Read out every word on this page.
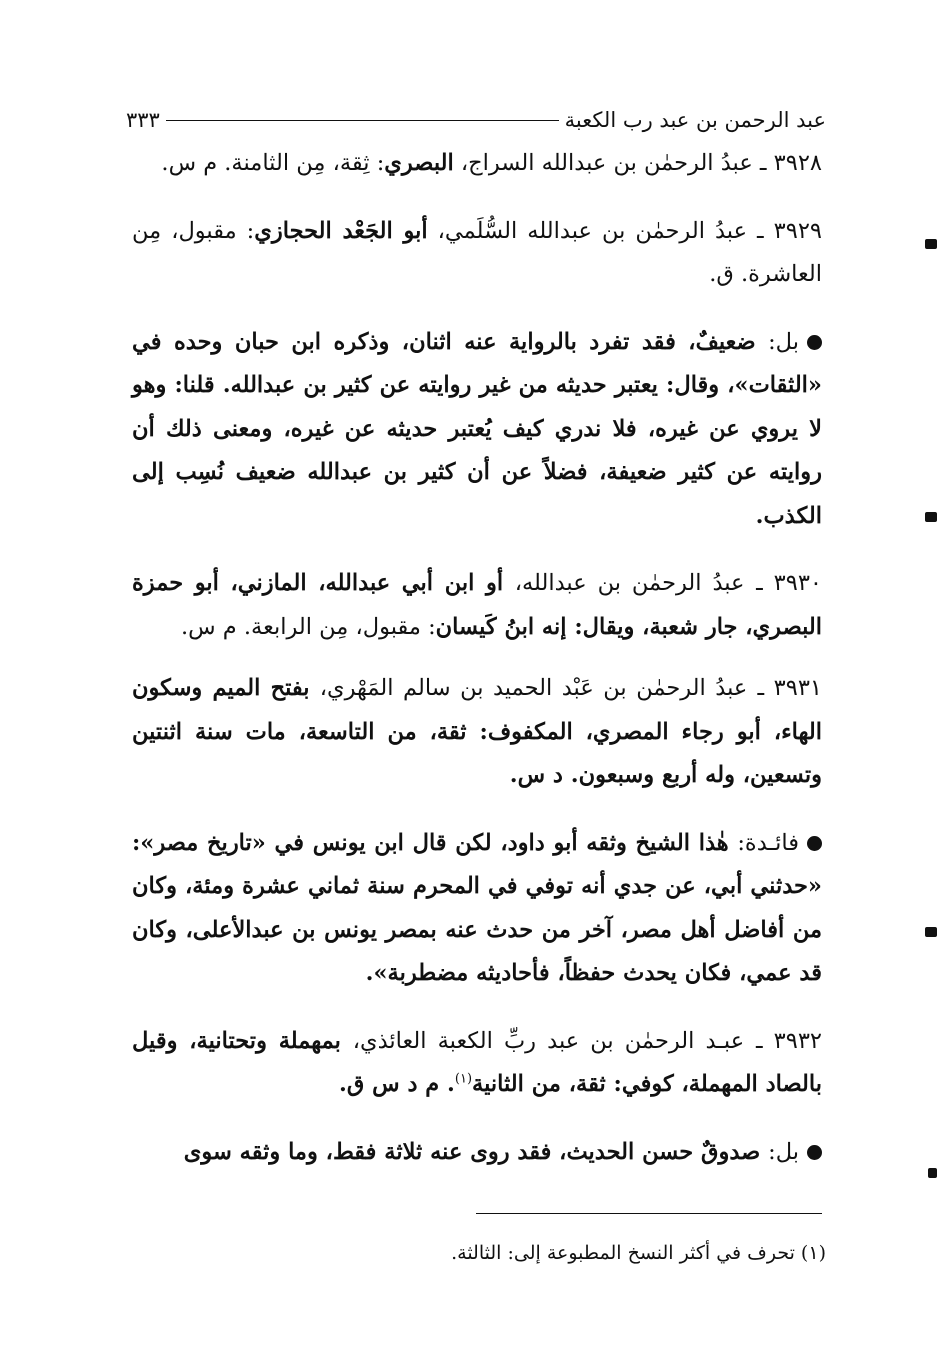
عبد الرحمن بن عبد رب الكعبة
٣٣٣

٣٩٢٨ ـ عبدُ الرحمٰن بن عبدالله السراج، البصري: ثِقة، مِن الثامنة. م س.

٣٩٢٩ ـ عبدُ الرحمٰن بن عبدالله السُّلَمي، أبو الجَعْد الحجازي: مقبول، مِن العاشرة. ق.

بل: ضعيفٌ، فقد تفرد بالرواية عنه اثنان، وذكره ابن حبان وحده في «الثقات»، وقال: يعتبر حديثه من غير روايته عن كثير بن عبدالله. قلنا: وهو لا يروي عن غيره، فلا ندري كيف يُعتبر حديثه عن غيره، ومعنى ذلك أن روايته عن كثير ضعيفة، فضلاً عن أن كثير بن عبدالله ضعيف نُسِب إلى الكذب.

٣٩٣٠ ـ عبدُ الرحمٰن بن عبدالله، أو ابن أبي عبدالله، المازني، أبو حمزة البصري، جار شعبة، ويقال: إنه ابنُ كَيسان: مقبول، مِن الرابعة. م س.

٣٩٣١ ـ عبدُ الرحمٰن بن عَبْد الحميد بن سالم المَهْري، بفتح الميم وسكون الهاء، أبو رجاء المصري، المكفوف: ثقة، من التاسعة، مات سنة اثنتين وتسعين، وله أربع وسبعون. د س.

فائـدة: هٰذا الشيخ وثقه أبو داود، لكن قال ابن يونس في «تاريخ مصر»: «حدثني أبي، عن جدي أنه توفي في المحرم سنة ثماني عشرة ومئة، وكان من أفاضل أهل مصر، آخر من حدث عنه بمصر يونس بن عبدالأعلى، وكان قد عمي، فكان يحدث حفظاً، فأحاديثه مضطربة».

٣٩٣٢ ـ عبـد الرحمٰن بن عبد ربِّ الكعبة العائذي، بمهملة وتحتانية، وقيل بالصاد المهملة، كوفي: ثقة، من الثانية$^{(١)}$. م د س ق.

بل: صدوقٌ حسن الحديث، فقد روى عنه ثلاثة فقط، وما وثقه سوى

(١) تحرف في أكثر النسخ المطبوعة إلى: الثالثة.
